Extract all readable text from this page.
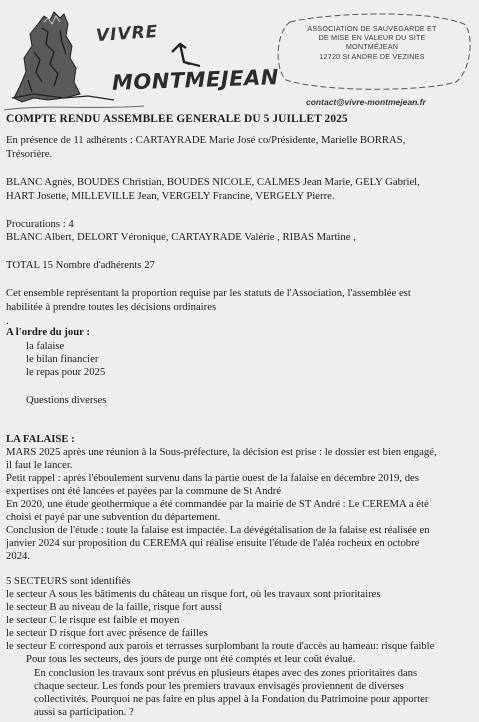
VIVRE
MONTMEJEAN
ASSOCIATION DE SAUVEGARDE ET
DE MISE EN VALEUR DU SITE
MONTMÉJEAN
12720 St ANDRE DE VEZINES
contact@vivre-montmejean.fr
COMPTE RENDU ASSEMBLEE GENERALE DU 5 JUILLET 2025
En présence de 11 adhérents : CARTAYRADE Marie José co/Présidente, Marielle BORRAS,
Trésorière.
BLANC Agnès, BOUDES Christian, BOUDES NICOLE, CALMES Jean Marie, GELY Gabriel,
HART Josette, MILLEVILLE Jean, VERGELY Francine, VERGELY Pierre.
Procurations : 4
BLANC Albert, DELORT Véronique, CARTAYRADE Valérie , RIBAS Martine ,
TOTAL 15 Nombre d'adhérents 27
Cet ensemble représentant la proportion requise par les statuts de l'Association, l'assemblée est
habilitée à prendre toutes les décisions ordinaires
.
A l'ordre du jour :
la falaise
le bilan financier
le repas pour 2025
Questions diverses
LA FALAISE :
MARS 2025 après une réunion à la Sous-préfecture, la décision est prise : le dossier est bien engagé,
il faut le lancer.
Petit rappel : après l'éboulement survenu dans la partie ouest de la falaise en décembre 2019, des
expertises ont été lancées et payées par la commune de St André
En 2020, une étude geothermique a été commandée par la mairie de ST André : Le CEREMA a été
choisi et payé par une subvention du département.
Conclusion de l'étude : toute la falaise est impactée. La dévégétalisation de la falaise est réalisée en
janvier 2024 sur proposition du CEREMA qui réalise ensuite l'étude de l'aléa rocheux en octobre
2024.
5 SECTEURS sont identifiés
le secteur A sous les bâtiments du château un risque fort, où les travaux sont prioritaires
le secteur B au niveau de la faille, risque fort aussi
le secteur C le risque est faible et moyen
le secteur D risque fort avec présence de failles
le secteur E correspond aux parois et terrasses surplombant la route d'accès au hameau: risque faible
Pour tous les secteurs, des jours de purge ont été comptés et leur coût évalué.
En conclusion les travaux sont prévus en plusieurs étapes avec des zones prioritaires dans
chaque secteur. Les fonds pour les premiers travaux envisagés proviennent de diverses
collectivités. Pourquoi ne pas faire en plus appel à la Fondation du Patrimoine pour apporter
aussi sa participation. ?
